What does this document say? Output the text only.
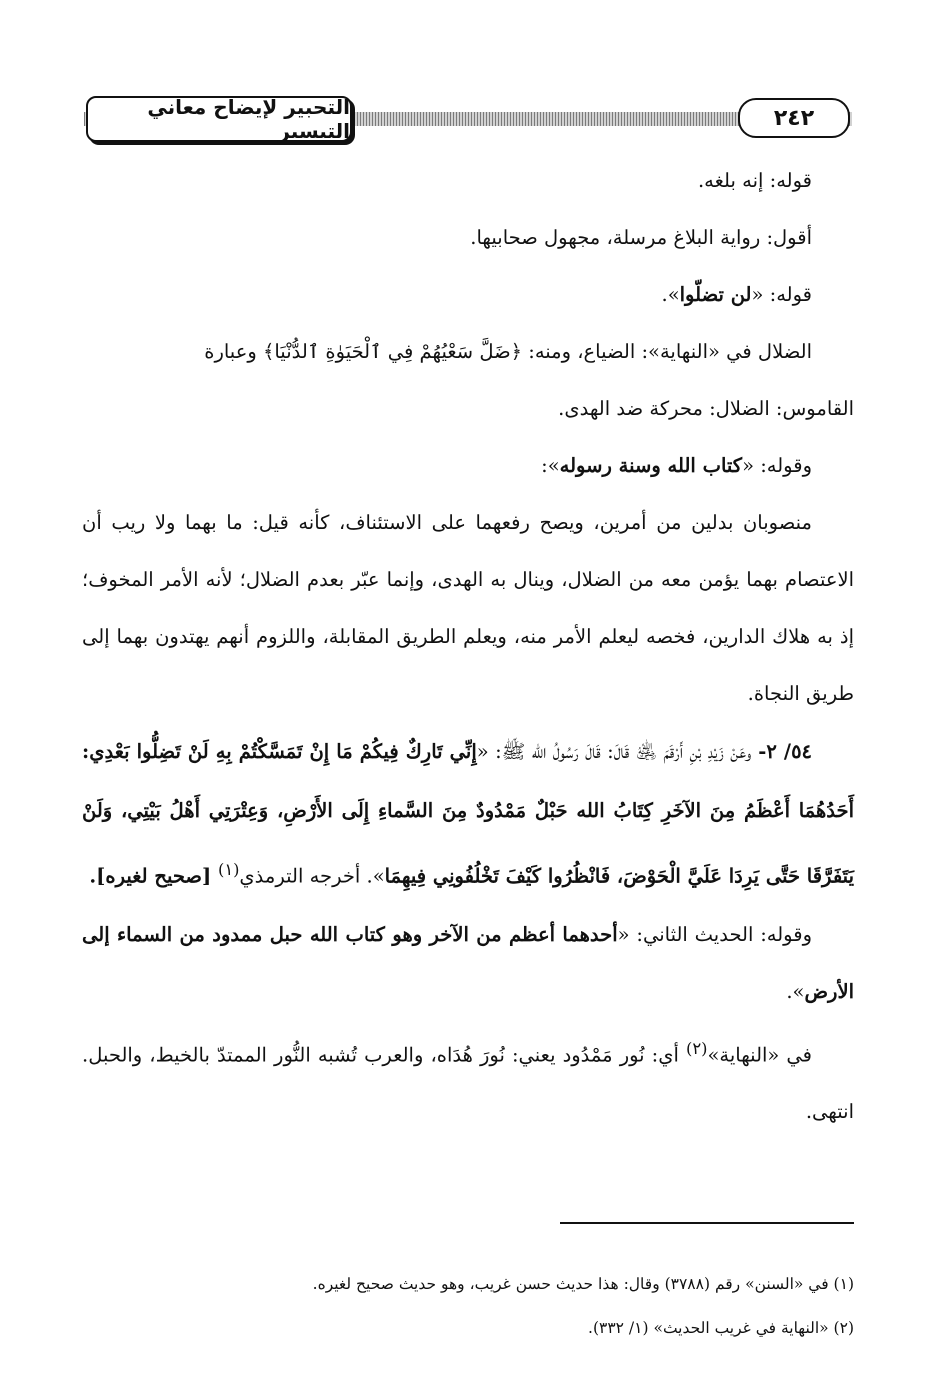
التحبير لإيضاح معاني التيسير
٢٤٢

قوله: إنه بلغه.

أقول: رواية البلاغ مرسلة، مجهول صحابيها.

قوله: «لن تضلّوا».

الضلال في «النهاية»: الضياع، ومنه: ﴿ضَلَّ سَعْيُهُمْ فِي ٱلْحَيَوٰةِ ٱلدُّنْيَا﴾ وعبارة

القاموس: الضلال: محركة ضد الهدى.

وقوله: «كتاب الله وسنة رسوله»:

منصوبان بدلين من أمرين، ويصح رفعهما على الاستئناف، كأنه قيل: ما بهما ولا ريب أن الاعتصام بهما يؤمن معه من الضلال، وينال به الهدى، وإنما عبّر بعدم الضلال؛ لأنه الأمر المخوف؛ إذ به هلاك الدارين، فخصه ليعلم الأمر منه، ويعلم الطريق المقابلة، واللزوم أنهم يهتدون بهما إلى طريق النجاة.

٥٤/ ٢- وعَنْ زَيْدِ بْنِ أَرْقَمَ ﵁ قَالَ: قَالَ رَسُولُ الله ﷺ: «إِنِّي تَارِكٌ فِيكُمْ مَا إِنْ تَمَسَّكْتُمْ بِهِ لَنْ تَضِلُّوا بَعْدِي: أَحَدُهُمَا أَعْظَمُ مِنَ الآخَرِ كِتَابُ الله حَبْلٌ مَمْدُودٌ مِنَ السَّماءِ إِلَى الأَرْضِ، وَعِتْرَتِي أَهْلُ بَيْتِي، وَلَنْ يَتَفَرَّقَا حَتَّى يَرِدَا عَلَيَّ الْحَوْضَ، فَانْظُرُوا كَيْفَ تَخْلُفُونِي فِيهِمَا». أخرجه الترمذي$^{(١)}$ [صحيح لغيره].

وقوله: الحديث الثاني: «أحدهما أعظم من الآخر وهو كتاب الله حبل ممدود من السماء إلى الأرض».

في «النهاية»$^{(٢)}$ أي: نُور مَمْدُود يعني: نُورَ هُدَاه، والعرب تُشبه النُّور الممتدّ بالخيط، والحبل. انتهى.

(١) في «السنن» رقم (٣٧٨٨) وقال: هذا حديث حسن غريب، وهو حديث صحيح لغيره.

(٢) «النهاية في غريب الحديث» (١/ ٣٣٢).
